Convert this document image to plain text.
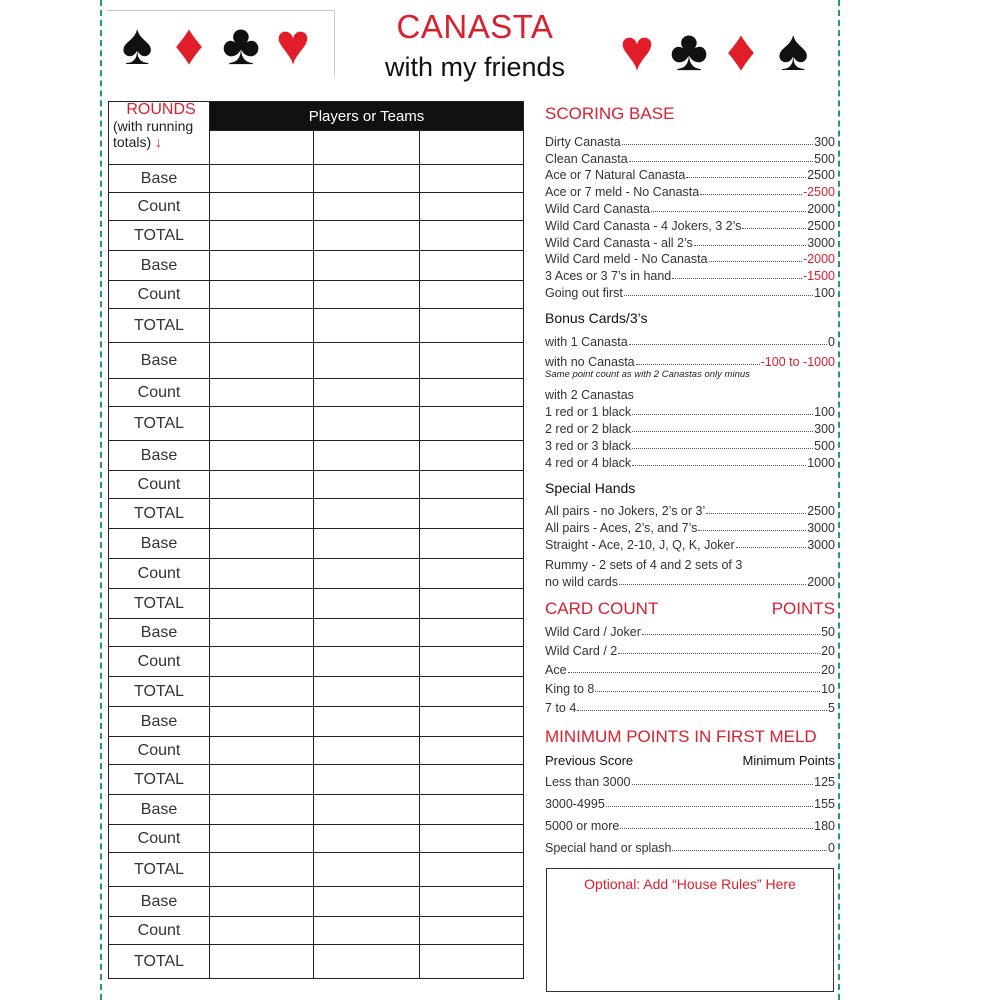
♠ ♦ ♣ ♥	♥ ♣ ♦ ♠
CANASTA
with my friends
ROUNDS
(with running totals) ↓	Players or Teams		

Base			
Count			
TOTAL			
Base			
Count			
TOTAL			
Base			
Count			
TOTAL			
Base			
Count			
TOTAL			
Base			
Count			
TOTAL			
Base			
Count			
TOTAL			
Base			
Count			
TOTAL			
Base			
Count			
TOTAL			
Base			
Count			
TOTAL			
SCORING BASE
Dirty Canasta	300
Clean Canasta	500
Ace or 7 Natural Canasta	2500
Ace or 7 meld - No Canasta	-2500
Wild Card Canasta	2000
Wild Card Canasta - 4 Jokers, 3 2’s	2500
Wild Card Canasta - all 2’s	3000
Wild Card meld - No Canasta	-2000
3 Aces or 3 7’s in hand	-1500
Going out first	100
Bonus Cards/3’s
with 1 Canasta	0
with no Canasta	-100 to -1000
Same point count as with 2 Canastas only minus
with 2 Canastas
1 red or 1 black	100
2 red or 2 black	300
3 red or 3 black	500
4 red or 4 black	1000
Special Hands
All pairs - no Jokers, 2’s or 3’	2500
All pairs - Aces, 2’s, and 7’s	3000
Straight - Ace, 2-10, J, Q, K, Joker	3000
Rummy - 2 sets of 4 and 2 sets of 3
no wild cards	2000
CARD COUNT	POINTS
Wild Card / Joker	50
Wild Card / 2	20
Ace	20
King to 8	10
7 to 4	5
MINIMUM POINTS IN FIRST MELD
Previous Score	Minimum Points
Less than 3000	125
3000-4995	155
5000 or more	180
Special hand or splash	0
Optional: Add “House Rules” Here
